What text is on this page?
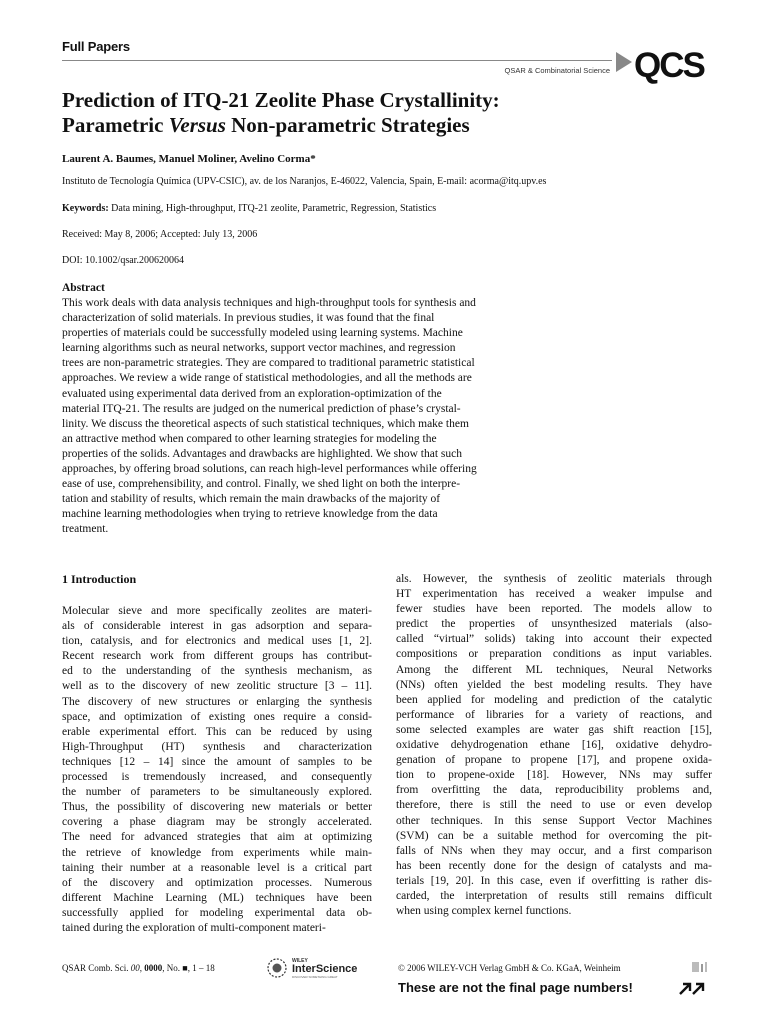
Full Papers
QSAR & Combinatorial Science QCS
Prediction of ITQ-21 Zeolite Phase Crystallinity:
Parametric Versus Non-parametric Strategies
Laurent A. Baumes, Manuel Moliner, Avelino Corma*
Instituto de Tecnología Química (UPV-CSIC), av. de los Naranjos, E-46022, Valencia, Spain, E-mail: acorma@itq.upv.es
Keywords: Data mining, High-throughput, ITQ-21 zeolite, Parametric, Regression, Statistics
Received: May 8, 2006; Accepted: July 13, 2006
DOI: 10.1002/qsar.200620064
Abstract
This work deals with data analysis techniques and high-throughput tools for synthesis and
characterization of solid materials. In previous studies, it was found that the final
properties of materials could be successfully modeled using learning systems. Machine
learning algorithms such as neural networks, support vector machines, and regression
trees are non-parametric strategies. They are compared to traditional parametric statistical
approaches. We review a wide range of statistical methodologies, and all the methods are
evaluated using experimental data derived from an exploration-optimization of the
material ITQ-21. The results are judged on the numerical prediction of phase’s crystal-
linity. We discuss the theoretical aspects of such statistical techniques, which make them
an attractive method when compared to other learning strategies for modeling the
properties of the solids. Advantages and drawbacks are highlighted. We show that such
approaches, by offering broad solutions, can reach high-level performances while offering
ease of use, comprehensibility, and control. Finally, we shed light on both the interpre-
tation and stability of results, which remain the main drawbacks of the majority of
machine learning methodologies when trying to retrieve knowledge from the data
treatment.
1 Introduction
Molecular sieve and more specifically zeolites are materi-
als of considerable interest in gas adsorption and separa-
tion, catalysis, and for electronics and medical uses [1, 2].
Recent research work from different groups has contribut-
ed to the understanding of the synthesis mechanism, as
well as to the discovery of new zeolitic structure [3 – 11].
The discovery of new structures or enlarging the synthesis
space, and optimization of existing ones require a consid-
erable experimental effort. This can be reduced by using
High-Throughput (HT) synthesis and characterization
techniques [12 – 14] since the amount of samples to be
processed is tremendously increased, and consequently
the number of parameters to be simultaneously explored.
Thus, the possibility of discovering new materials or better
covering a phase diagram may be strongly accelerated.
The need for advanced strategies that aim at optimizing
the retrieve of knowledge from experiments while main-
taining their number at a reasonable level is a critical part
of the discovery and optimization processes. Numerous
different Machine Learning (ML) techniques have been
successfully applied for modeling experimental data ob-
tained during the exploration of multi-component materi-
als. However, the synthesis of zeolitic materials through
HT experimentation has received a weaker impulse and
fewer studies have been reported. The models allow to
predict the properties of unsynthesized materials (also-
called “virtual” solids) taking into account their expected
compositions or preparation conditions as input variables.
Among the different ML techniques, Neural Networks
(NNs) often yielded the best modeling results. They have
been applied for modeling and prediction of the catalytic
performance of libraries for a variety of reactions, and
some selected examples are water gas shift reaction [15],
oxidative dehydrogenation ethane [16], oxidative dehydro-
genation of propane to propene [17], and propene oxida-
tion to propene-oxide [18]. However, NNs may suffer
from overfitting the data, reproducibility problems and,
therefore, there is still the need to use or even develop
other techniques. In this sense Support Vector Machines
(SVM) can be a suitable method for overcoming the pit-
falls of NNs when they may occur, and a first comparison
has been recently done for the design of catalysts and ma-
terials [19, 20]. In this case, even if overfitting is rather dis-
carded, the interpretation of results still remains difficult
when using complex kernel functions.
QSAR Comb. Sci. 00, 0000, No. ■, 1 – 18
WILEY
InterScience
DISCOVER SOMETHING GREAT
© 2006 WILEY-VCH Verlag GmbH & Co. KGaA, Weinheim
These are not the final page numbers!
